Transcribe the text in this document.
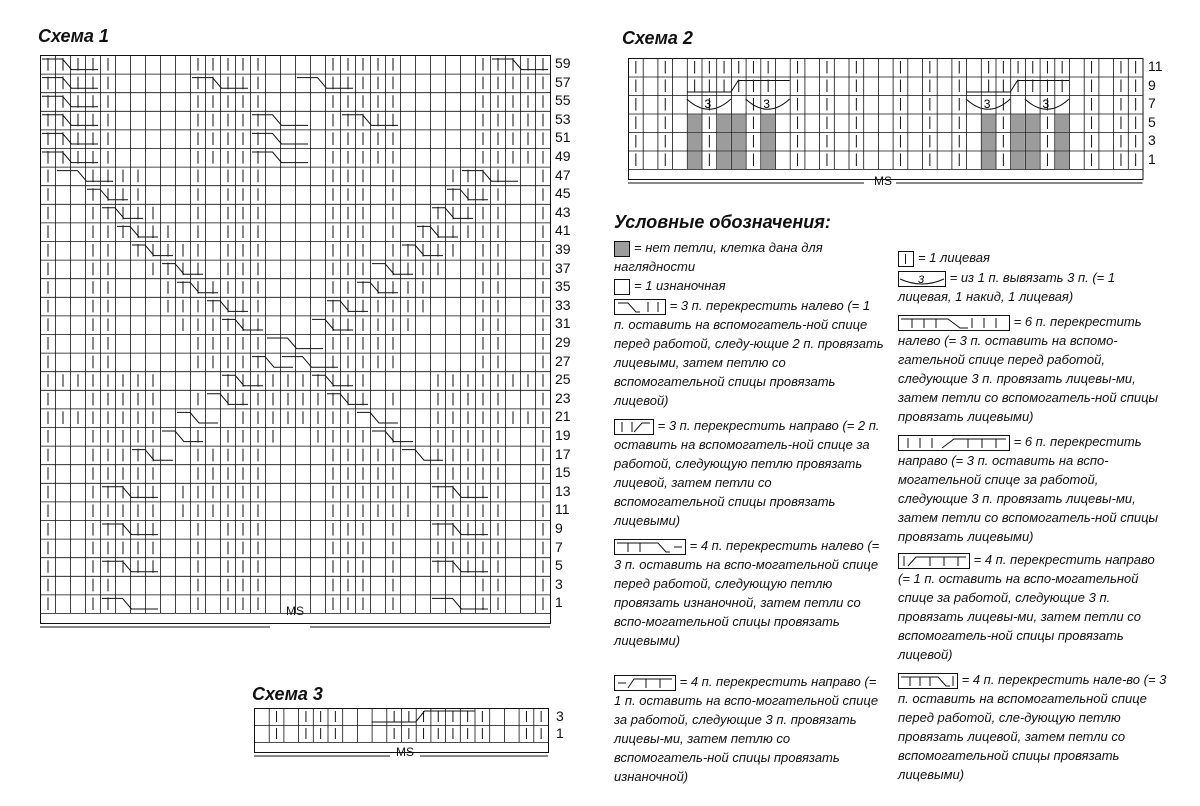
Схема 1
MS
59
57
55
53
51
49
47
45
43
41
39
37
35
33
31
29
27
25
23
21
19
17
15
13
11
9
7
5
3
1
Схема 2
3	3	3	3
MS
11
9
7
5
3
1
Схема 3
MS
3
1
Условные обозначения:
= нет петли, клетка дана для наглядности
= 1 изнаночная
= 3 п. перекрестить налево (= 1 п. оставить на вспомогатель-ной спице перед работой, следу-ющие 2 п. провязать лицевыми, затем петлю со вспомогательной спицы провязать лицевой)
= 3 п. перекрестить направо (= 2 п. оставить на вспомогатель-ной спице за работой, следующую петлю провязать лицевой, затем петли со вспомогательной спицы провязать лицевыми)
= 4 п. перекрестить налево (= 3 п. оставить на вспо-могательной спице перед работой, следующую петлю провязать изнаночной, затем петли со вспо-могательной спицы провязать лицевыми)
= 4 п. перекрестить направо (= 1 п. оставить на вспо-могательной спице за работой, следующие 3 п. провязать лицевы-ми, затем петлю со вспомогатель-ной спицы провязать изнаночной)
= 1 лицевая
3 = из 1 п. вывязать 3 п. (= 1 лицевая, 1 накид, 1 лицевая)
= 6 п. перекрестить налево (= 3 п. оставить на вспомо-гательной спице перед работой, следующие 3 п. провязать лицевы-ми, затем петли со вспомогатель-ной спицы провязать лицевыми)
= 6 п. перекрестить направо (= 3 п. оставить на вспо-могательной спице за работой, следующие 3 п. провязать лицевы-ми, затем петли со вспомогатель-ной спицы провязать лицевыми)
= 4 п. перекрестить направо (= 1 п. оставить на вспо-могательной спице за работой, следующие 3 п. провязать лицевы-ми, затем петли со вспомогатель-ной спицы провязать лицевой)
= 4 п. перекрестить нале-во (= 3 п. оставить на вспомогательной спице перед работой, сле-дующую петлю провязать лицевой, затем петли со вспомогательной спицы провязать лицевыми)
